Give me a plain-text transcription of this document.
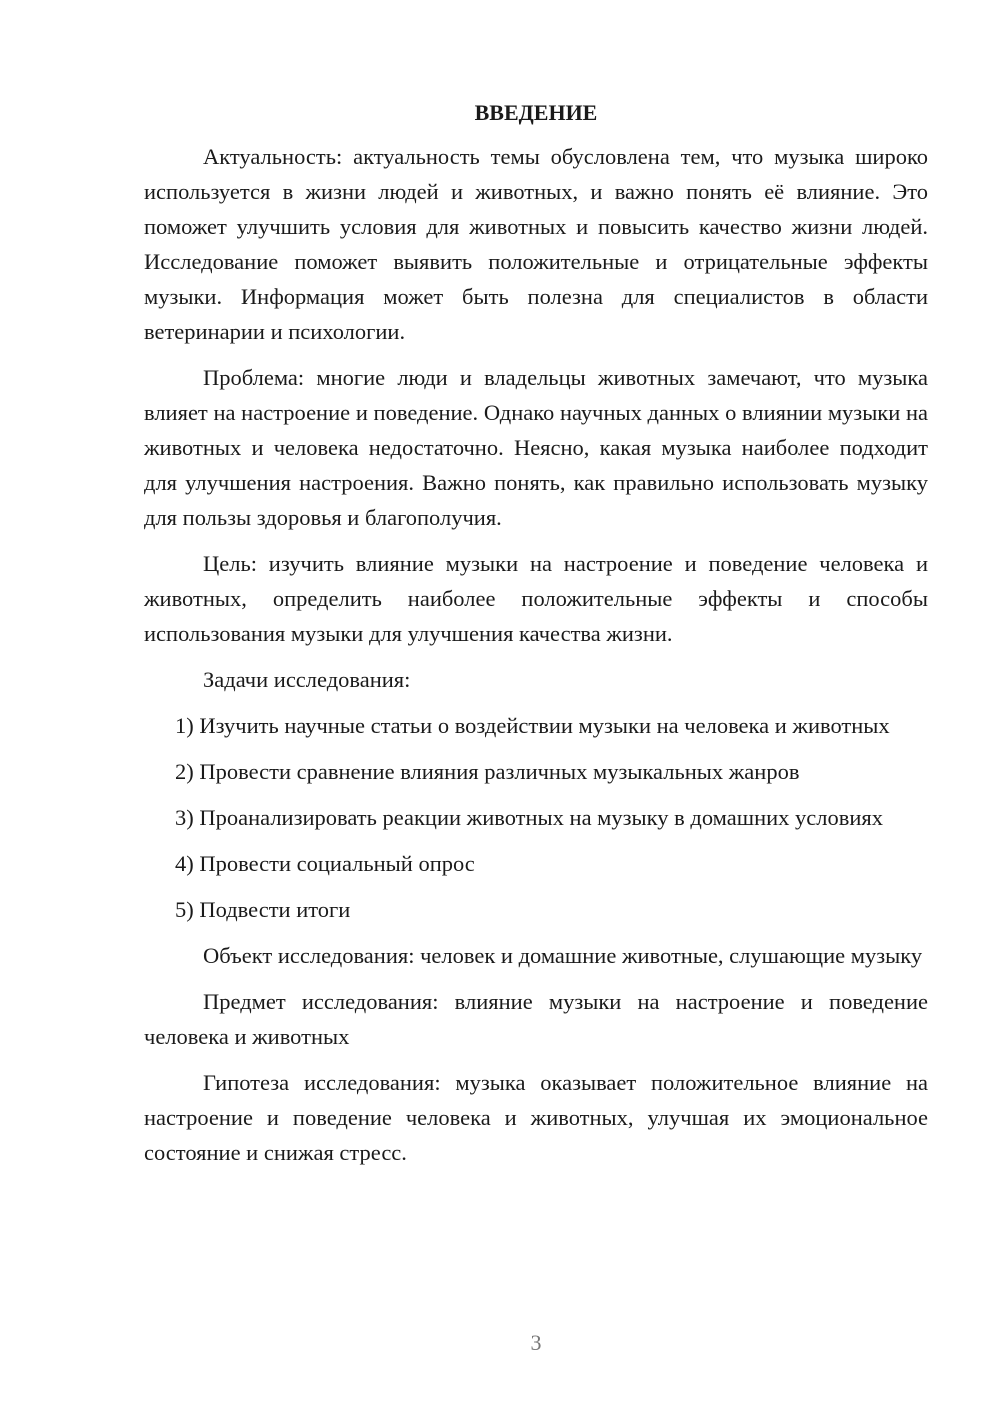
ВВЕДЕНИЕ

Актуальность: актуальность темы обусловлена тем, что музыка широко используется в жизни людей и животных, и важно понять её влияние. Это поможет улучшить условия для животных и повысить качество жизни людей. Исследование поможет выявить положительные и отрицательные эффекты музыки. Информация может быть полезна для специалистов в области ветеринарии и психологии.

Проблема: многие люди и владельцы животных замечают, что музыка влияет на настроение и поведение. Однако научных данных о влиянии музыки на животных и человека недостаточно. Неясно, какая музыка наиболее подходит для улучшения настроения. Важно понять, как правильно использовать музыку для пользы здоровья и благополучия.

Цель: изучить влияние музыки на настроение и поведение человека и животных, определить наиболее положительные эффекты и способы использования музыки для улучшения качества жизни.

Задачи исследования:

1) Изучить научные статьи о воздействии музыки на человека и животных

2) Провести сравнение влияния различных музыкальных жанров

3) Проанализировать реакции животных на музыку в домашних условиях

4) Провести социальный опрос

5) Подвести итоги

Объект исследования: человек и домашние животные, слушающие музыку

Предмет исследования: влияние музыки на настроение и поведение человека и животных

Гипотеза исследования: музыка оказывает положительное влияние на настроение и поведение человека и животных, улучшая их эмоциональное состояние и снижая стресс.

3
